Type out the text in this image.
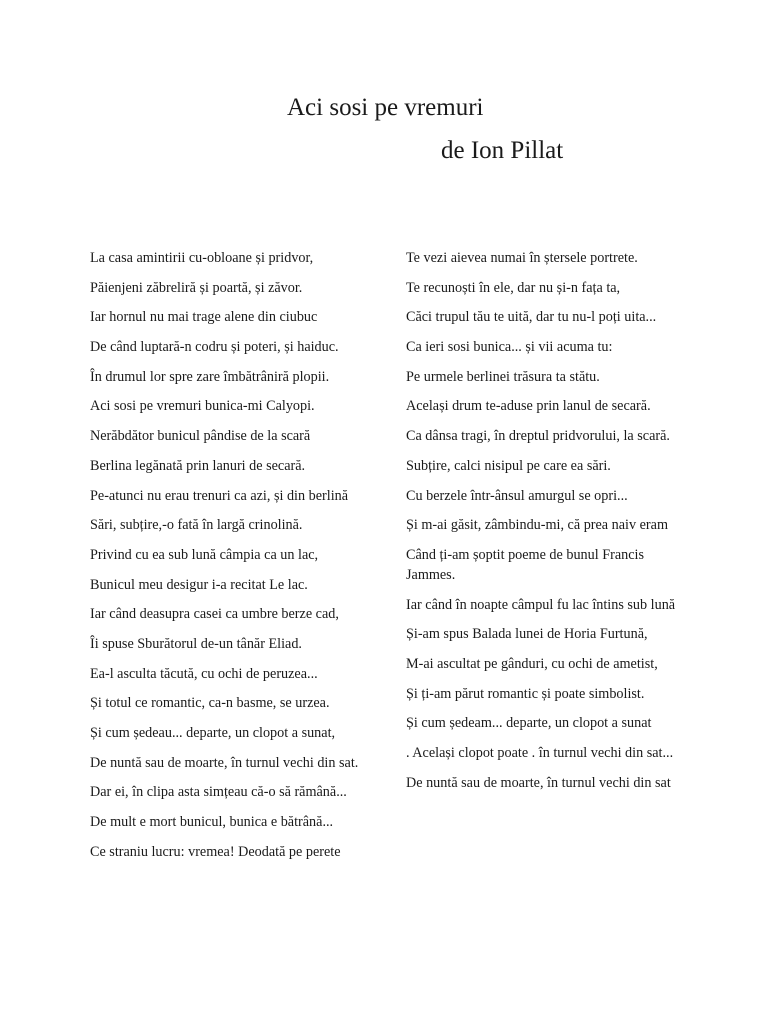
Aci sosi pe vremuri
de Ion Pillat
La casa amintirii cu-obloane și pridvor,
Păienjeni zăbreliră și poartă, și zăvor.
Iar hornul nu mai trage alene din ciubuc
De când luptară-n codru și poteri, și haiduc.
În drumul lor spre zare îmbătrâniră plopii.
Aci sosi pe vremuri bunica-mi Calyopi.
Nerăbdător bunicul pândise de la scară
Berlina legănată prin lanuri de secară.
Pe-atunci nu erau trenuri ca azi, și din berlină
Sări, subțire,-o fată în largă crinolină.
Privind cu ea sub lună câmpia ca un lac,
Bunicul meu desigur i-a recitat Le lac.
Iar când deasupra casei ca umbre berze cad,
Îi spuse Sburătorul de-un tânăr Eliad.
Ea-l asculta tăcută, cu ochi de peruzea...
Și totul ce romantic, ca-n basme, se urzea.
Și cum ședeau... departe, un clopot a sunat,
De nuntă sau de moarte, în turnul vechi din sat.
Dar ei, în clipa asta simțeau că-o să rămână...
De mult e mort bunicul, bunica e bătrână...
Ce straniu lucru: vremea! Deodată pe perete
Te vezi aievea numai în ștersele portrete.
Te recunoști în ele, dar nu și-n fața ta,
Căci trupul tău te uită, dar tu nu-l poți uita...
Ca ieri sosi bunica... și vii acuma tu:
Pe urmele berlinei trăsura ta stătu.
Același drum te-aduse prin lanul de secară.
Ca dânsa tragi, în dreptul pridvorului, la scară.
Subțire, calci nisipul pe care ea sări.
Cu berzele într-ânsul amurgul se opri...
Și m-ai găsit, zâmbindu-mi, că prea naiv eram
Când ți-am șoptit poeme de bunul Francis Jammes.
Iar când în noapte câmpul fu lac întins sub lună
Și-am spus Balada lunei de Horia Furtună,
M-ai ascultat pe gânduri, cu ochi de ametist,
Și ți-am părut romantic și poate simbolist.
Și cum ședeam... departe, un clopot a sunat
. Același clopot poate . în turnul vechi din sat...
De nuntă sau de moarte, în turnul vechi din sat
